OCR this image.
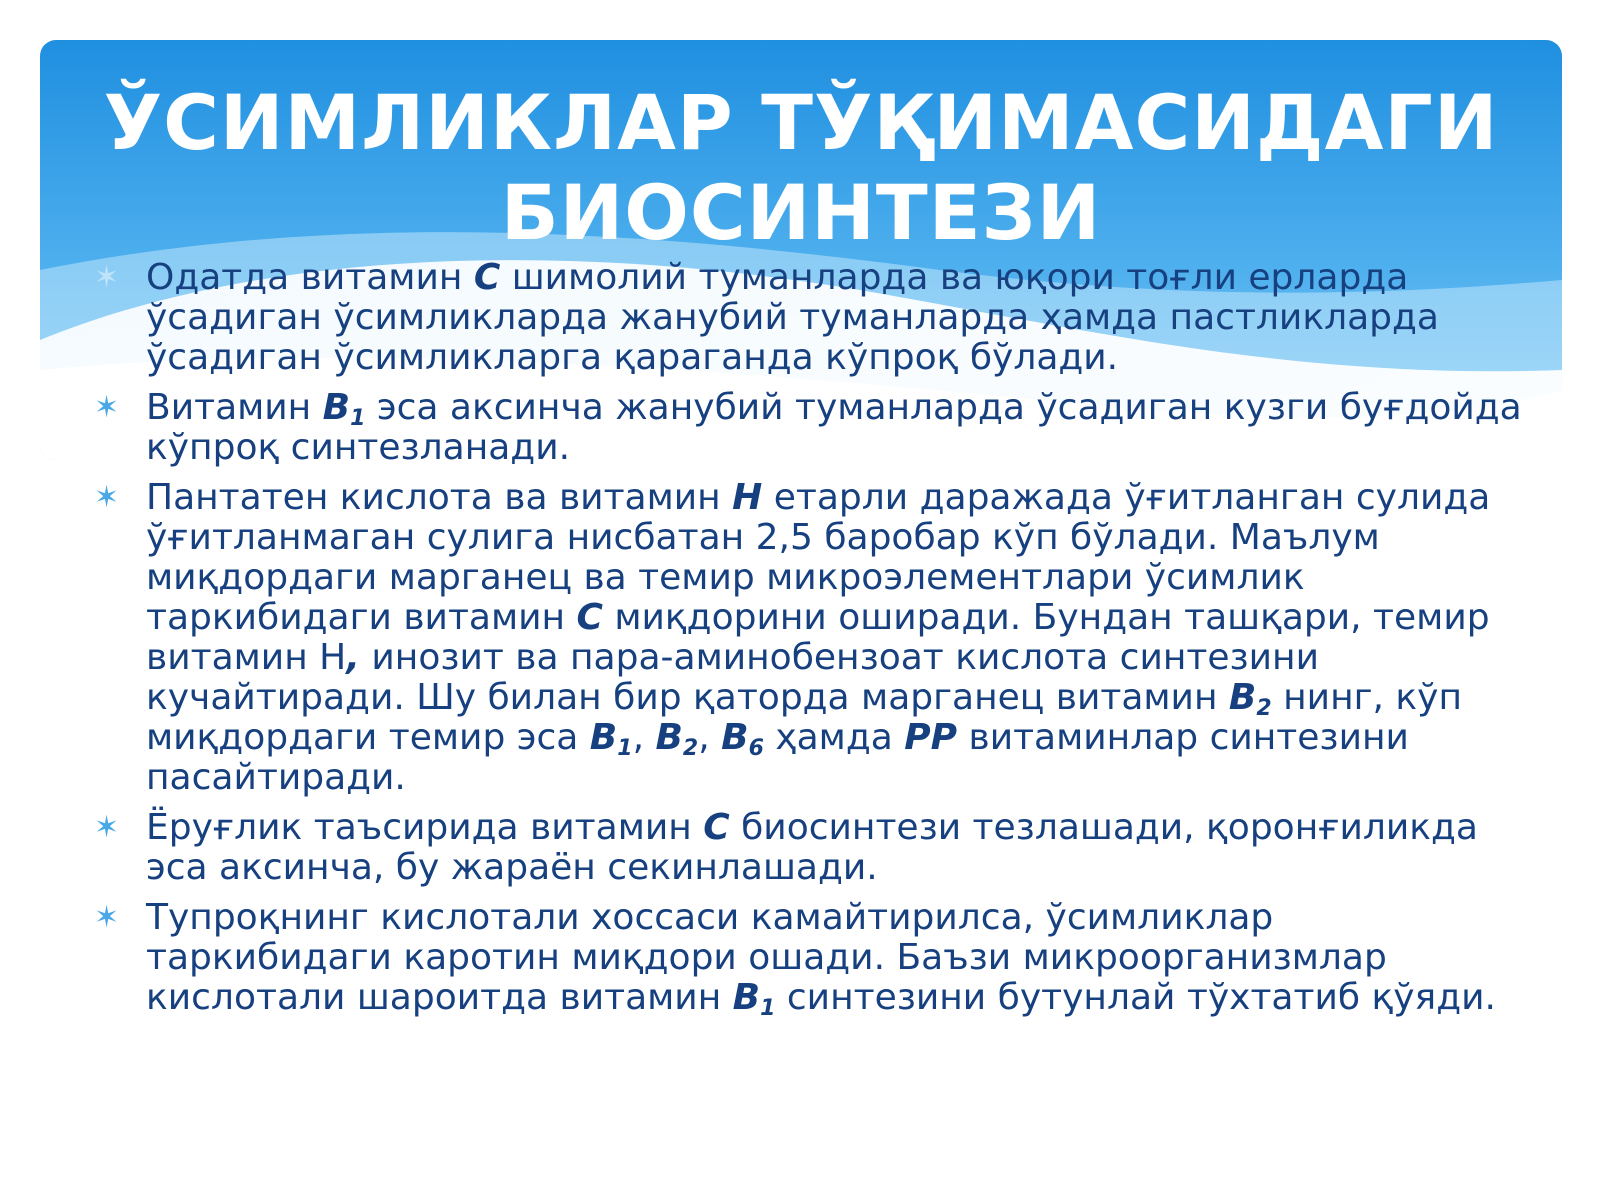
ЎСИМЛИКЛАР ТЎҚИМАСИДАГИ
БИОСИНТЕЗИ
✶ Одатда витамин С шимолий туманларда ва юқори тоғли ерларда ўсадиган ўсимликларда жанубий туманларда ҳамда пастликларда ўсадиган ўсимликларга қараганда кўпроқ бўлади.
✶ Витамин $В_1$ эса аксинча жанубий туманларда ўсадиган кузги буғдойда кўпроқ синтезланади.
✶ Пантатен кислота ва витамин Н етарли даражада ўғитланган сулида ўғитланмаган сулига нисбатан 2,5 баробар кўп бўлади. Маълум миқдордаги марганец ва темир микроэлементлари ўсимлик таркибидаги витамин С миқдорини оширади. Бундан ташқари, темир витамин Н, инозит ва пара-аминобензоат кислота синтезини кучайтиради. Шу билан бир қаторда марганец витамин $В_2$ нинг, кўп миқдордаги темир эса $В_1$, $В_2$, $В_6$ ҳамда РР витаминлар синтезини пасайтиради.
✶ Ёруғлик таъсирида витамин С биосинтези тезлашади, қоронғиликда эса аксинча, бу жараён секинлашади.
✶ Тупроқнинг кислотали хоссаси камайтирилса, ўсимликлар таркибидаги каротин миқдори ошади. Баъзи микроорганизмлар кислотали шароитда витамин $В_1$ синтезини бутунлай тўхтатиб қўяди.
